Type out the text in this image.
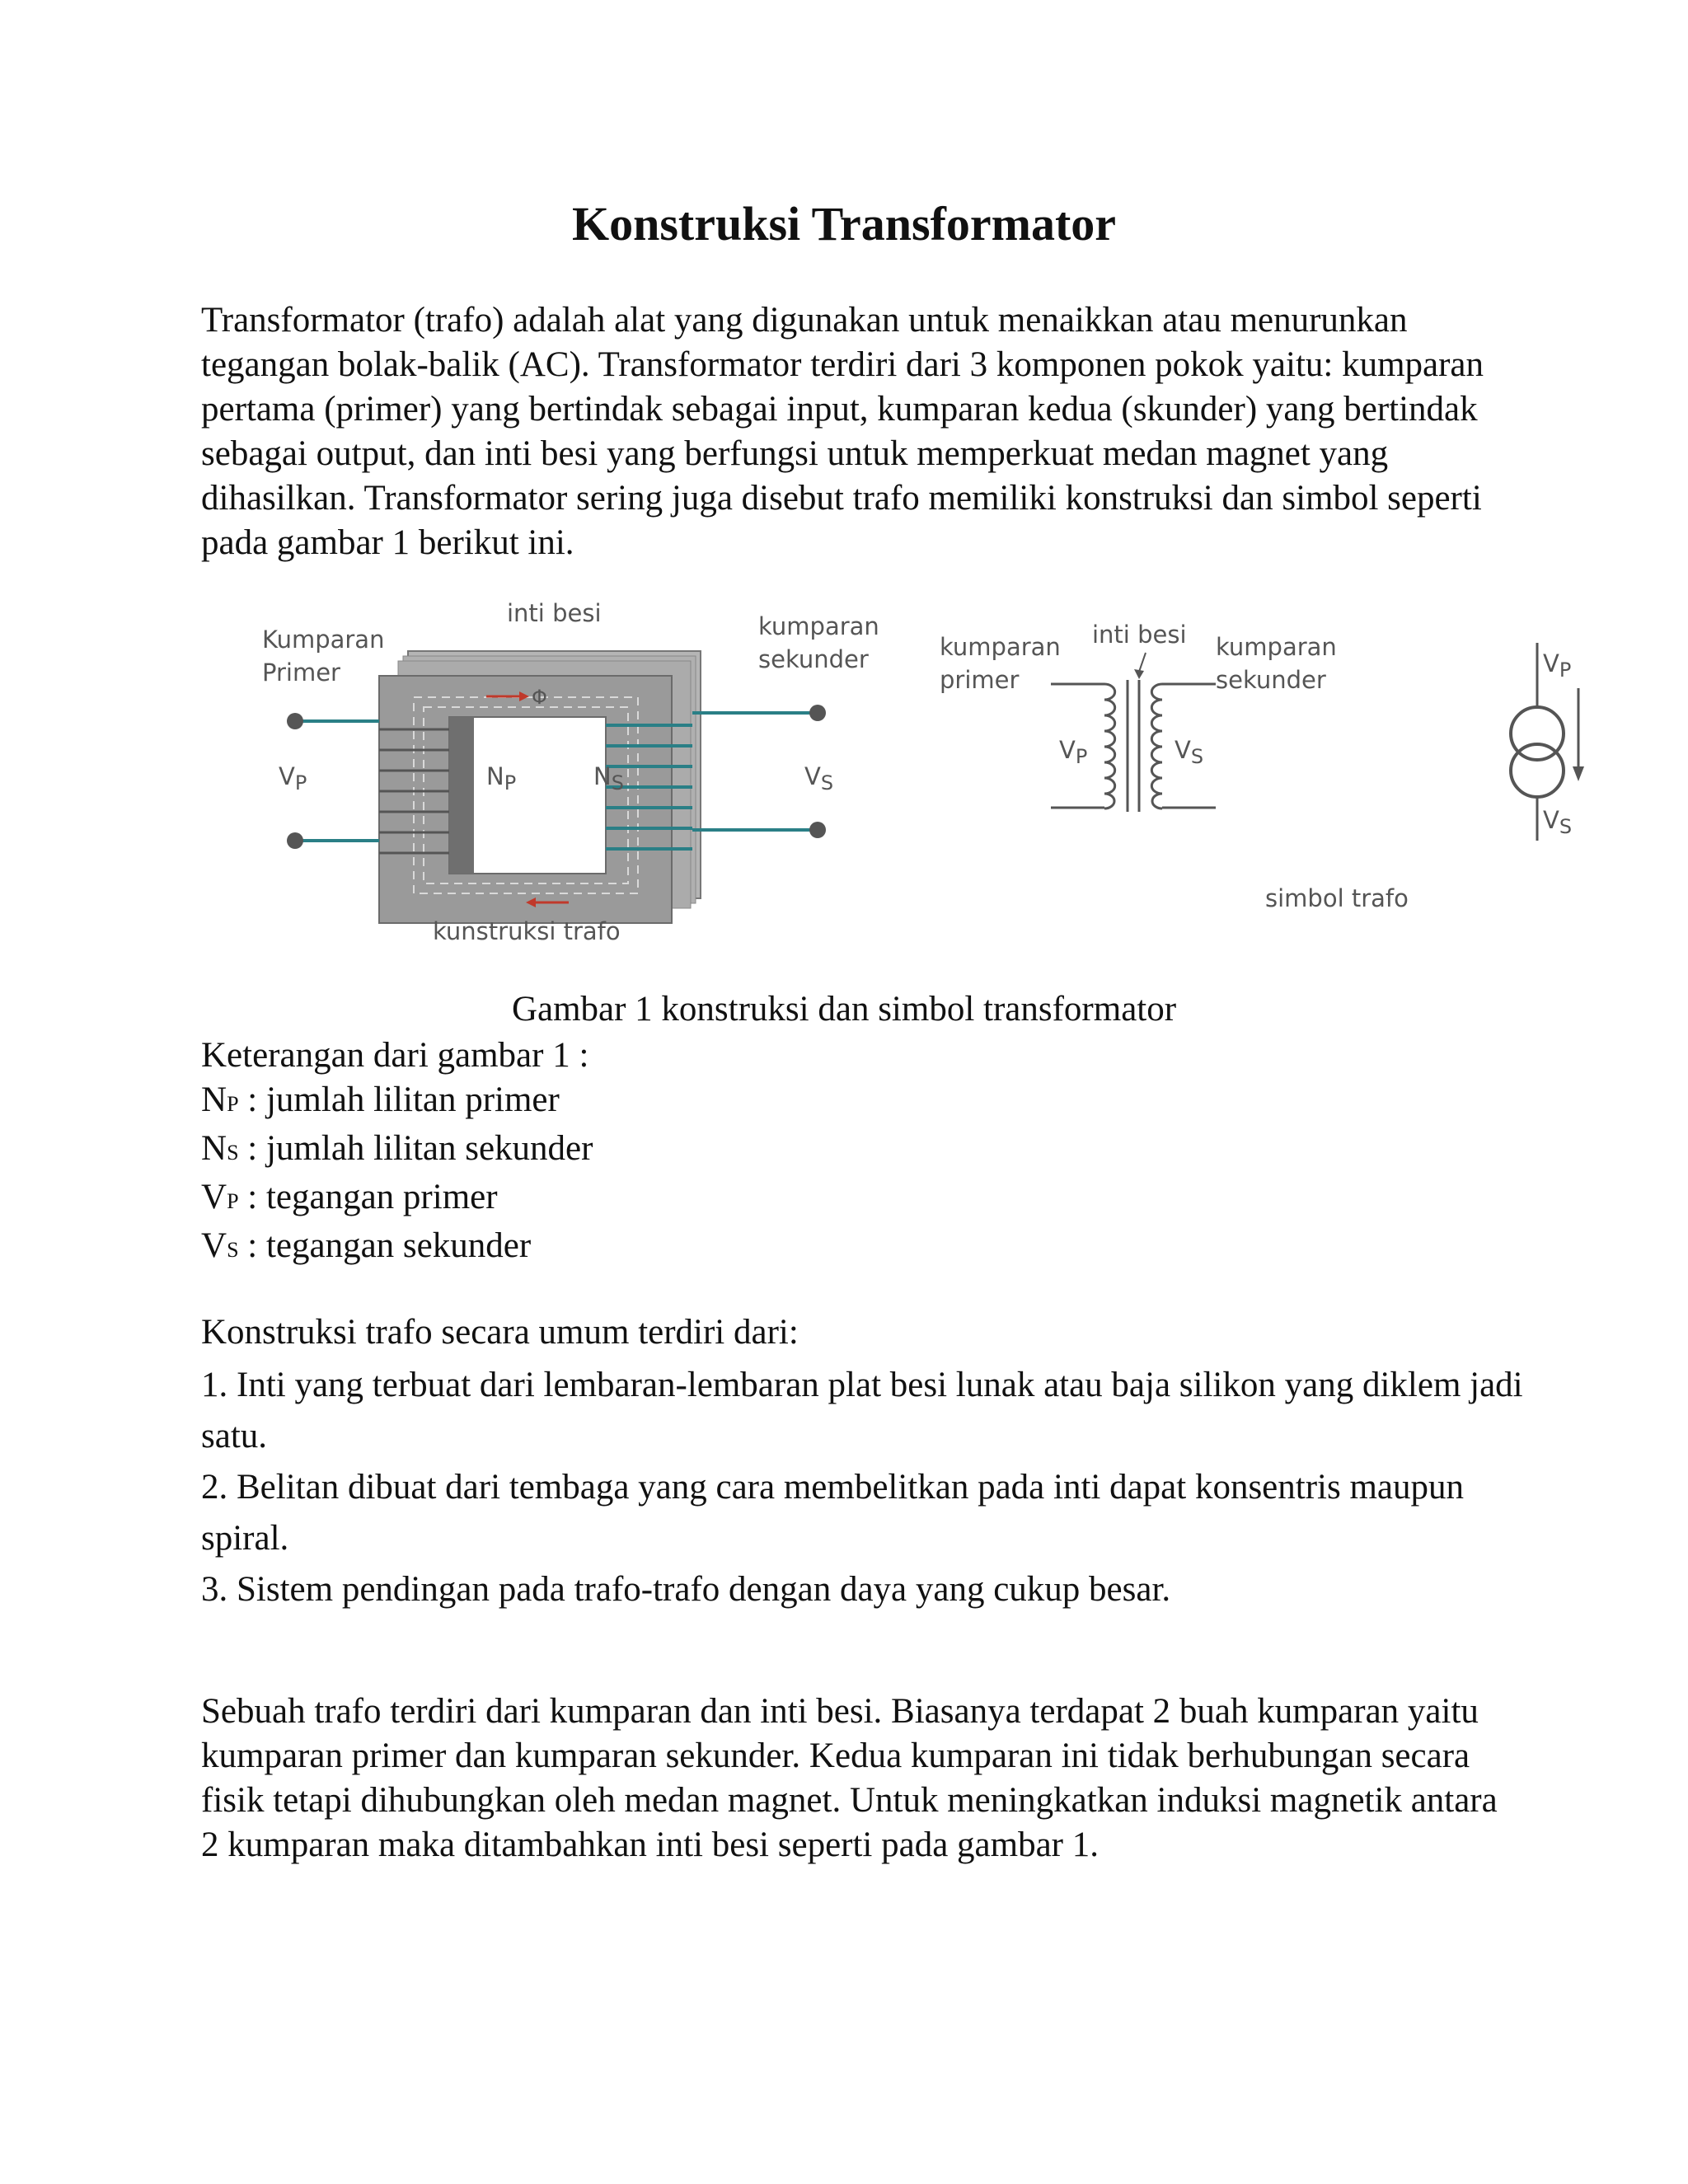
Konstruksi Transformator

Transformator (trafo) adalah alat yang digunakan untuk menaikkan atau menurunkan tegangan bolak-balik (AC). Transformator terdiri dari 3 komponen pokok yaitu: kumparan pertama (primer) yang bertindak sebagai input, kumparan kedua (skunder) yang bertindak sebagai output, dan inti besi yang berfungsi untuk memperkuat medan magnet yang dihasilkan. Transformator sering juga disebut trafo memiliki konstruksi dan simbol seperti pada gambar 1 berikut ini.

Φ
inti besi
Kumparan
Primer
kumparan
sekunder
$V_P$	$N_P$	$N_S$	$V_S$
kunstruksi trafo
kumparan
primer
inti besi kumparan
sekunder
$V_P$	$V_S$
$V_P$
$V_S$
simbol trafo

Gambar 1 konstruksi dan simbol transformator

Keterangan dari gambar 1 :
NP : jumlah lilitan primer
NS : jumlah lilitan sekunder
VP : tegangan primer
VS : tegangan sekunder

Konstruksi trafo secara umum terdiri dari:

1. Inti yang terbuat dari lembaran-lembaran plat besi lunak atau baja silikon yang diklem jadi satu.
2. Belitan dibuat dari tembaga yang cara membelitkan pada inti dapat konsentris maupun spiral.
3. Sistem pendingan pada trafo-trafo dengan daya yang cukup besar.

Sebuah trafo terdiri dari kumparan dan inti besi. Biasanya terdapat 2 buah kumparan yaitu kumparan primer dan kumparan sekunder. Kedua kumparan ini tidak berhubungan secara fisik tetapi dihubungkan oleh medan magnet. Untuk meningkatkan induksi magnetik antara 2 kumparan maka ditambahkan inti besi seperti pada gambar 1.
